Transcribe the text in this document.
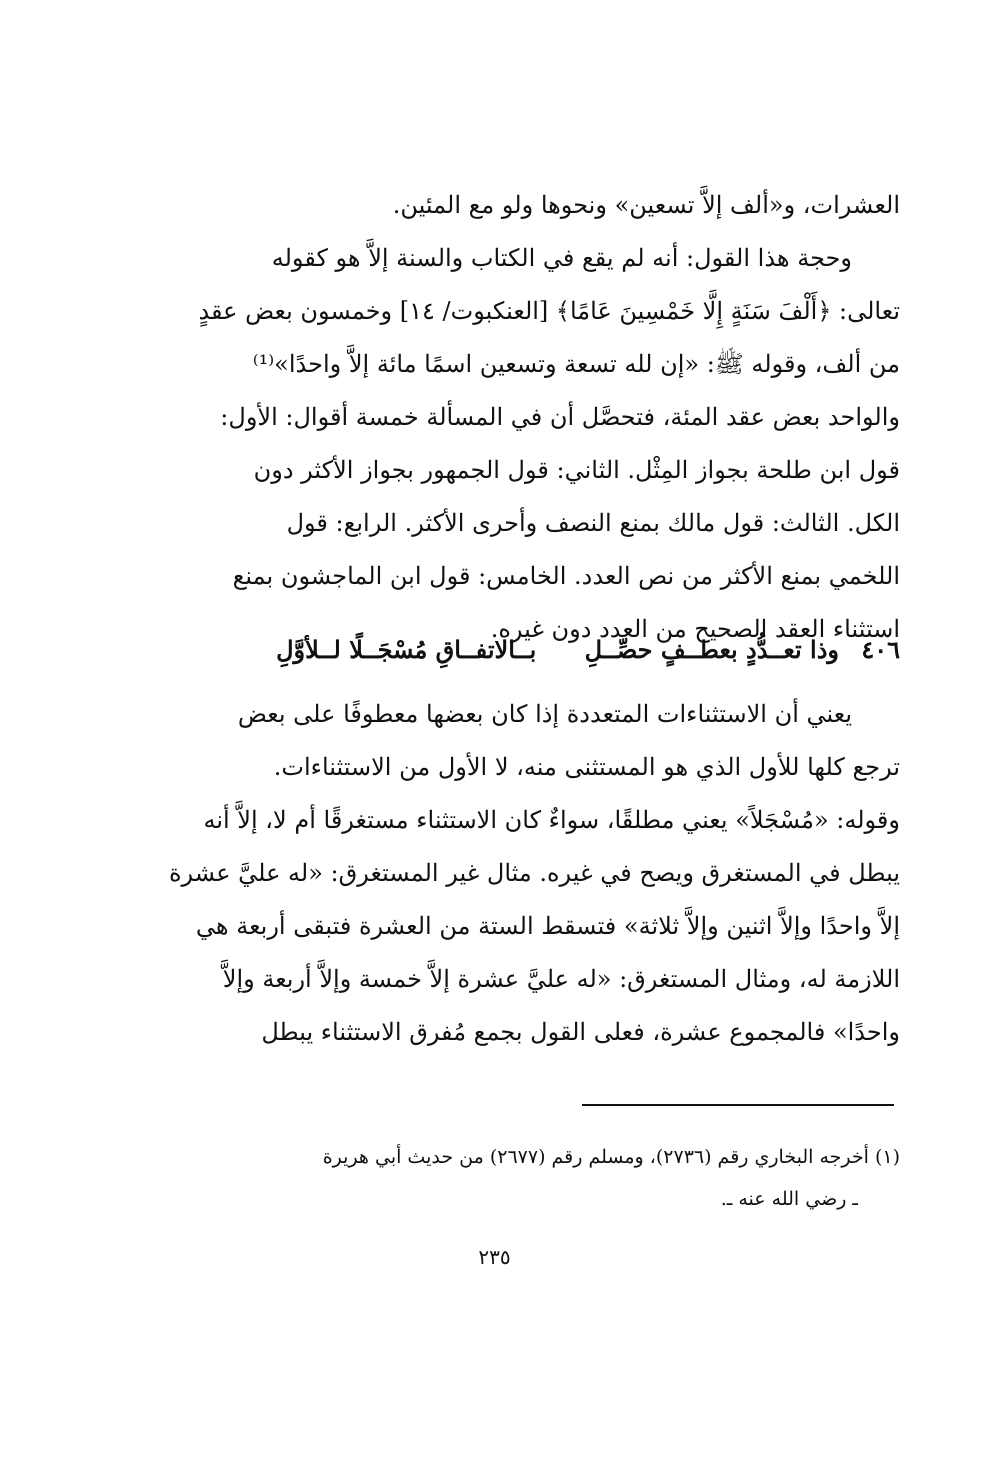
العشرات، و«ألف إلاَّ تسعين» ونحوها ولو مع المئين.
وحجة هذا القول: أنه لم يقع في الكتاب والسنة إلاَّ هو كقوله
تعالى: ﴿أَلْفَ سَنَةٍ إِلَّا خَمْسِينَ عَامًا﴾ [العنكبوت/ ١٤] وخمسون بعض عقدٍ
من ألف، وقوله ﷺ: «إن لله تسعة وتسعين اسمًا مائة إلاَّ واحدًا»⁽¹⁾
والواحد بعض عقد المئة، فتحصَّل أن في المسألة خمسة أقوال: الأول:
قول ابن طلحة بجواز المِثْل. الثاني: قول الجمهور بجواز الأكثر دون
الكل. الثالث: قول مالك بمنع النصف وأحرى الأكثر. الرابع: قول
اللخمي بمنع الأكثر من نص العدد. الخامس: قول ابن الماجشون بمنع
استثناء العقد الصحيح من العدد دون غيره.
٤٠٦ وذا تعــدُّدٍ بعطــفٍ حصِّــلِ بــالاتفــاقِ مُسْجَــلًا لــلأوَّلِ
يعني أن الاستثناءات المتعددة إذا كان بعضها معطوفًا على بعض
ترجع كلها للأول الذي هو المستثنى منه، لا الأول من الاستثناءات.
وقوله: «مُسْجَلاً» يعني مطلقًا، سواءٌ كان الاستثناء مستغرقًا أم لا، إلاَّ أنه
يبطل في المستغرق ويصح في غيره. مثال غير المستغرق: «له عليَّ عشرة
إلاَّ واحدًا وإلاَّ اثنين وإلاَّ ثلاثة» فتسقط الستة من العشرة فتبقى أربعة هي
اللازمة له، ومثال المستغرق: «له عليَّ عشرة إلاَّ خمسة وإلاَّ أربعة وإلاَّ
واحدًا» فالمجموع عشرة، فعلى القول بجمع مُفرق الاستثناء يبطل
(١) أخرجه البخاري رقم (٢٧٣٦)، ومسلم رقم (٢٦٧٧) من حديث أبي هريرة
ـ رضي الله عنه ـ.
٢٣٥
